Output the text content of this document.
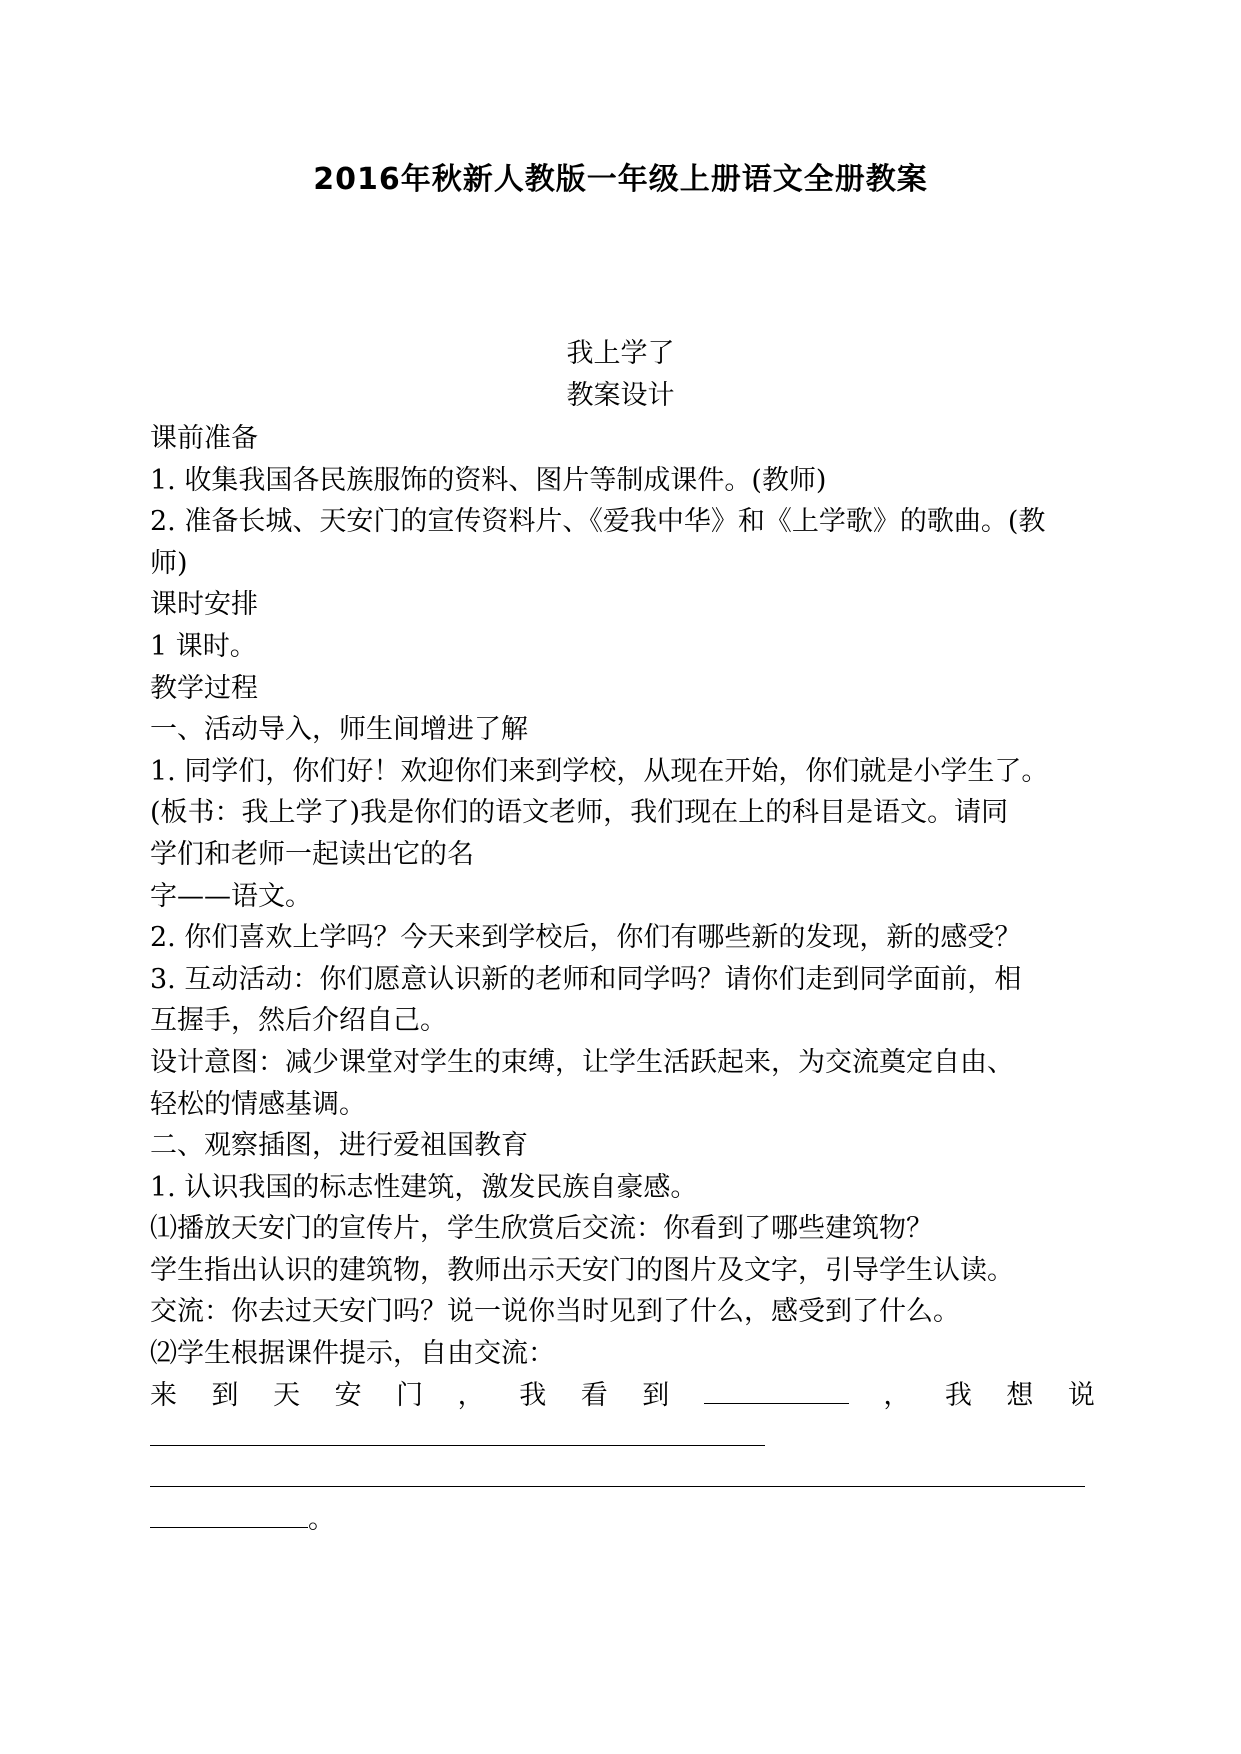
2016年秋新人教版一年级上册语文全册教案
我上学了
教案设计

课前准备

1. 收集我国各民族服饰的资料、图片等制成课件。(教师)

2. 准备长城、天安门的宣传资料片、《爱我中华》和《上学歌》的歌曲。(教

师)

课时安排

1 课时。

教学过程

一、活动导入，师生间增进了解

1. 同学们，你们好！欢迎你们来到学校，从现在开始，你们就是小学生了。

(板书：我上学了)我是你们的语文老师，我们现在上的科目是语文。请同

学们和老师一起读出它的名

字——语文。

2. 你们喜欢上学吗？今天来到学校后，你们有哪些新的发现，新的感受？

3. 互动活动：你们愿意认识新的老师和同学吗？请你们走到同学面前，相

互握手，然后介绍自己。

设计意图：减少课堂对学生的束缚，让学生活跃起来，为交流奠定自由、

轻松的情感基调。

二、观察插图，进行爱祖国教育

1. 认识我国的标志性建筑，激发民族自豪感。

⑴播放天安门的宣传片，学生欣赏后交流：你看到了哪些建筑物？

学生指出认识的建筑物，教师出示天安门的图片及文字，引导学生认读。

交流：你去过天安门吗？说一说你当时见到了什么，感受到了什么。

⑵学生根据课件提示，自由交流：

来 到 天 安 门 ， 我 看 到	， 我 想 说
。
